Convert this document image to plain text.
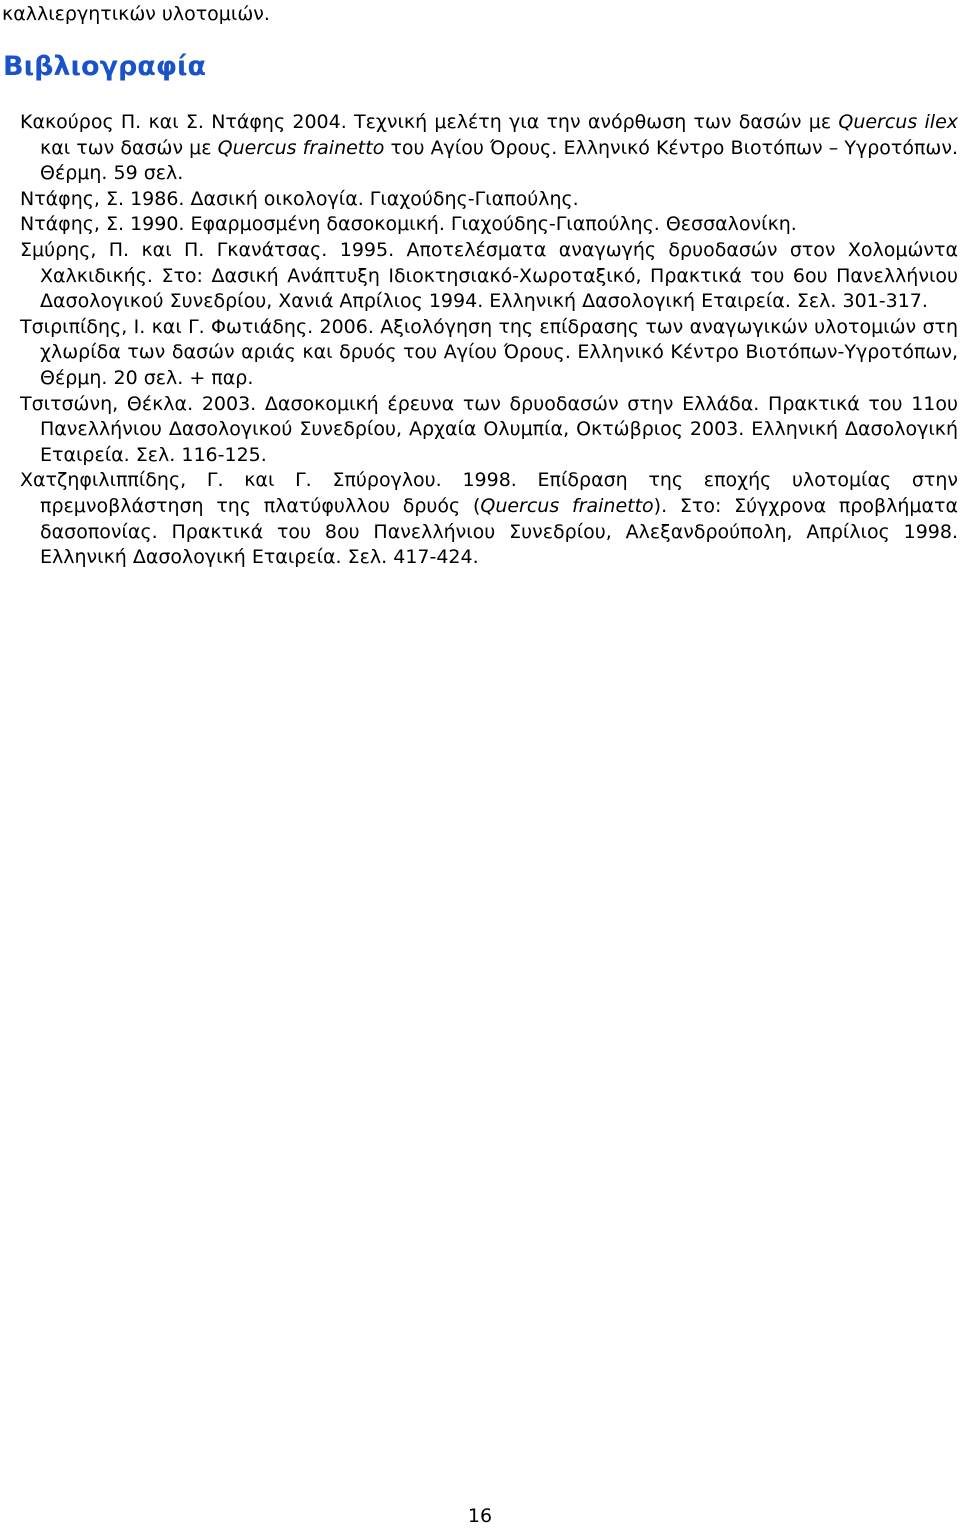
καλλιεργητικών υλοτομιών.
Βιβλιογραφία
Κακούρος Π. και Σ. Ντάφης 2004. Τεχνική μελέτη για την ανόρθωση των δασών με Quercus ilex και των δασών με Quercus frainetto του Αγίου Όρους. Ελληνικό Κέντρο Βιοτόπων – Υγροτόπων. Θέρμη. 59 σελ.
Ντάφης, Σ. 1986. Δασική οικολογία. Γιαχούδης-Γιαπούλης.
Ντάφης, Σ. 1990. Εφαρμοσμένη δασοκομική. Γιαχούδης-Γιαπούλης. Θεσσαλονίκη.
Σμύρης, Π. και Π. Γκανάτσας. 1995. Αποτελέσματα αναγωγής δρυοδασών στον Χολομώντα Χαλκιδικής. Στο: Δασική Ανάπτυξη Ιδιοκτησιακό-Χωροταξικό, Πρακτικά του 6ου Πανελλήνιου Δασολογικού Συνεδρίου, Χανιά Απρίλιος 1994. Ελληνική Δασολογική Εταιρεία. Σελ. 301-317.
Τσιριπίδης, Ι. και Γ. Φωτιάδης. 2006. Αξιολόγηση της επίδρασης των αναγωγικών υλοτομιών στη χλωρίδα των δασών αριάς και δρυός του Αγίου Όρους. Ελληνικό Κέντρο Βιοτόπων-Υγροτόπων, Θέρμη. 20 σελ. + παρ.
Τσιτσώνη, Θέκλα. 2003. Δασοκομική έρευνα των δρυοδασών στην Ελλάδα. Πρακτικά του 11ου Πανελλήνιου Δασολογικού Συνεδρίου, Αρχαία Ολυμπία, Οκτώβριος 2003. Ελληνική Δασολογική Εταιρεία. Σελ. 116-125.
Χατζηφιλιππίδης, Γ. και Γ. Σπύρογλου. 1998. Επίδραση της εποχής υλοτομίας στην πρεμνοβλάστηση της πλατύφυλλου δρυός (Quercus frainetto). Στο: Σύγχρονα προβλήματα δασοπονίας. Πρακτικά του 8ου Πανελλήνιου Συνεδρίου, Αλεξανδρούπολη, Απρίλιος 1998. Ελληνική Δασολογική Εταιρεία. Σελ. 417-424.
16
